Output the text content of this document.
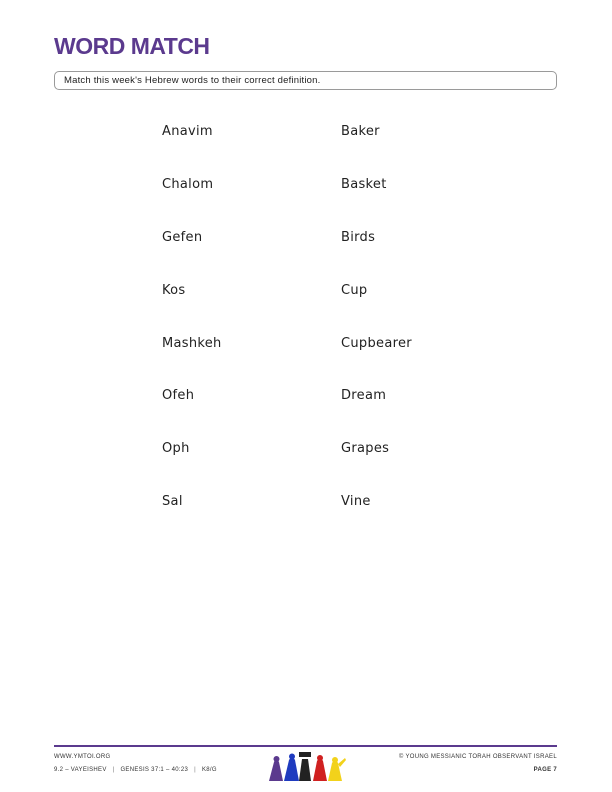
WORD MATCH
Match this week's Hebrew words to their correct definition.
Anavim
Chalom
Gefen
Kos
Mashkeh
Ofeh
Oph
Sal
Baker
Basket
Birds
Cup
Cupbearer
Dream
Grapes
Vine
WWW.YMTOI.ORG
9.2 – VAYEISHEV | GENESIS 37:1 – 40:23 | K8/G
© YOUNG MESSIANIC TORAH OBSERVANT ISRAEL
PAGE 7
